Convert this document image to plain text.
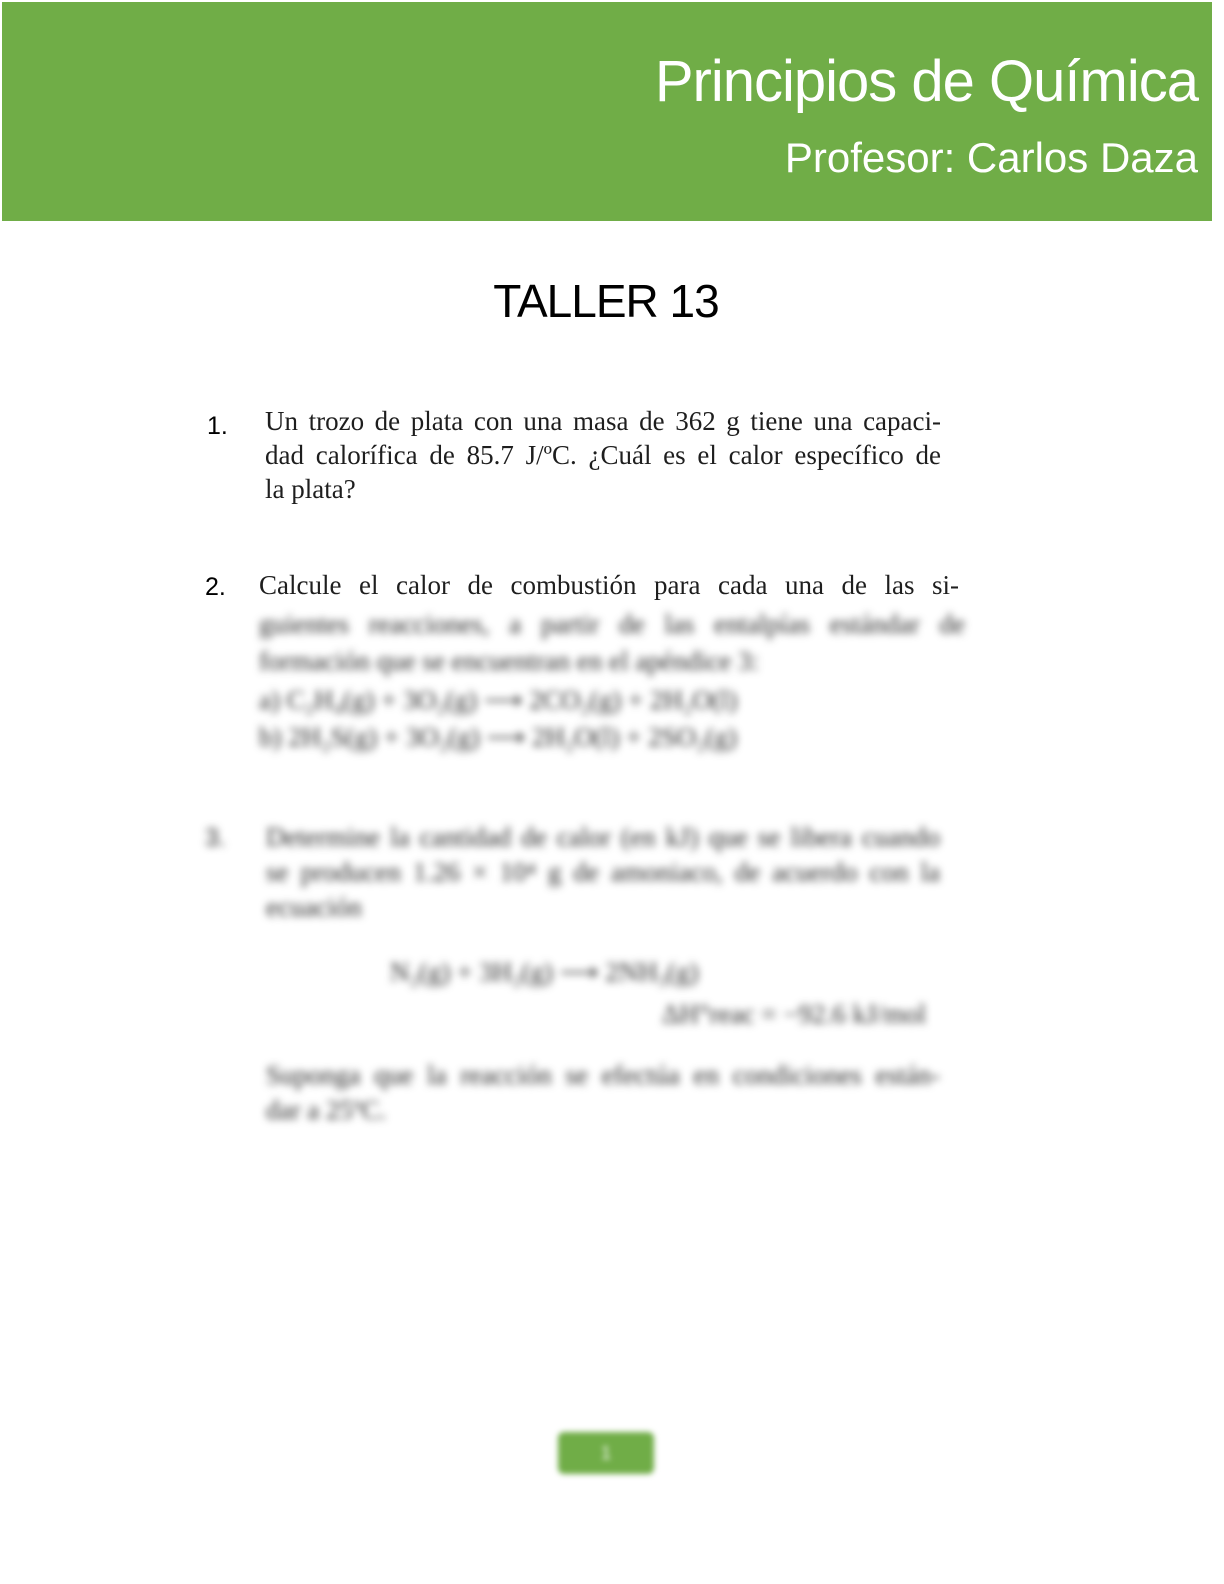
Principios de Química
Profesor: Carlos Daza
TALLER 13
1. Un trozo de plata con una masa de 362 g tiene una capaci-
dad calorífica de 85.7 J/ºC. ¿Cuál es el calor específico de
la plata?
2. Calcule el calor de combustión para cada una de las si-
guientes reacciones, a partir de las entalpías estándar de
formación que se encuentran en el apéndice 3:
a) C₂H₄(g) + 3O₂(g) ⟶ 2CO₂(g) + 2H₂O(l)
b) 2H₂S(g) + 3O₂(g) ⟶ 2H₂O(l) + 2SO₂(g)
3. Determine la cantidad de calor (en kJ) que se libera cuando
se producen 1.26 × 10⁴ g de amoniaco, de acuerdo con la
ecuación
N₂(g) + 3H₂(g) ⟶ 2NH₃(g)
ΔH°reac = −92.6 kJ/mol
Suponga que la reacción se efectúa en condiciones están-
dar a 25ºC.
1
